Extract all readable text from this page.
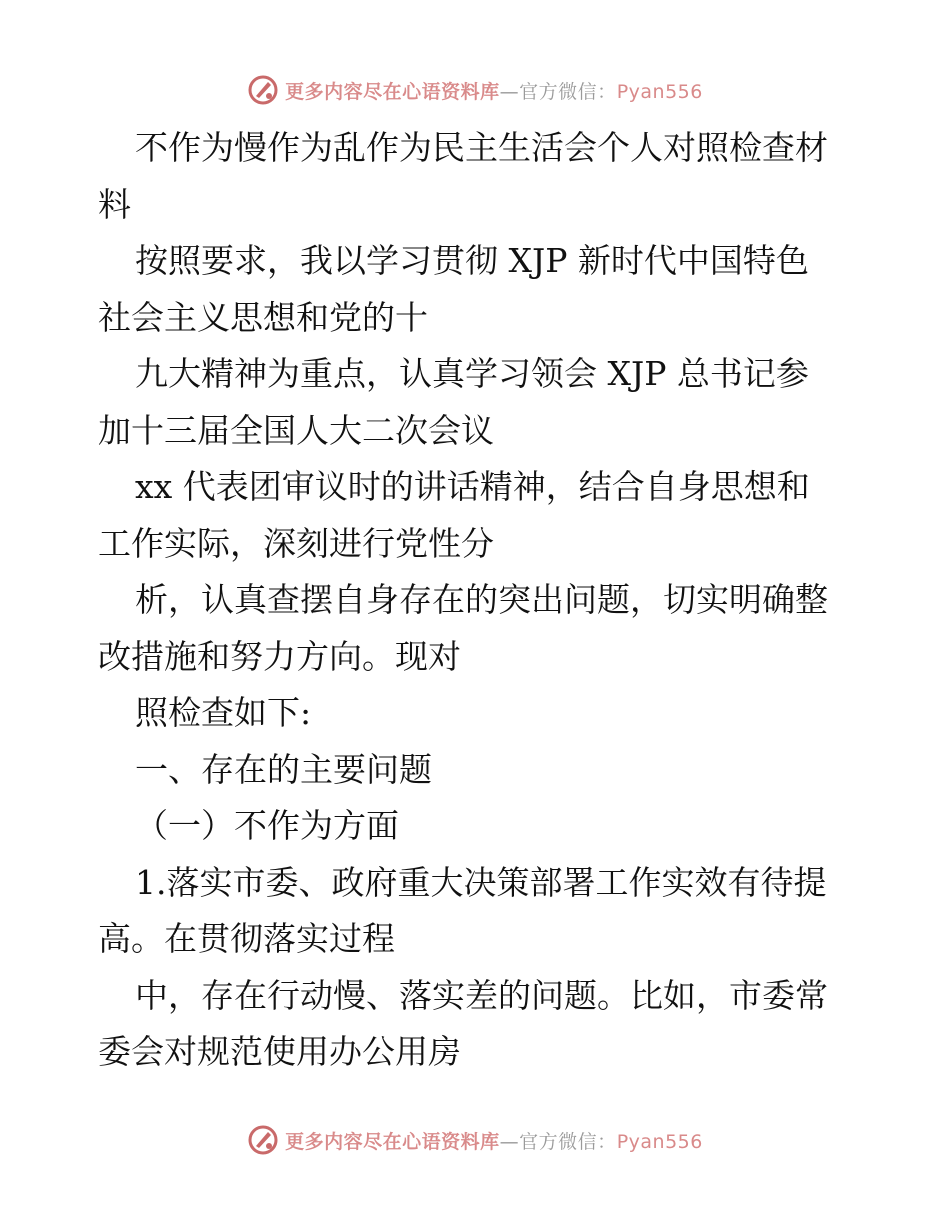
更多内容尽在心语资料库—官方微信：Pyan556
不作为慢作为乱作为民主生活会个人对照检查材
料
按照要求，我以学习贯彻 XJP 新时代中国特色
社会主义思想和党的十
九大精神为重点，认真学习领会 XJP 总书记参
加十三届全国人大二次会议
xx 代表团审议时的讲话精神，结合自身思想和
工作实际，深刻进行党性分
析，认真查摆自身存在的突出问题，切实明确整
改措施和努力方向。现对
照检查如下:
一、存在的主要问题
（一）不作为方面
1.落实市委、政府重大决策部署工作实效有待提
高。在贯彻落实过程
中，存在行动慢、落实差的问题。比如，市委常
委会对规范使用办公用房
更多内容尽在心语资料库—官方微信：Pyan556
